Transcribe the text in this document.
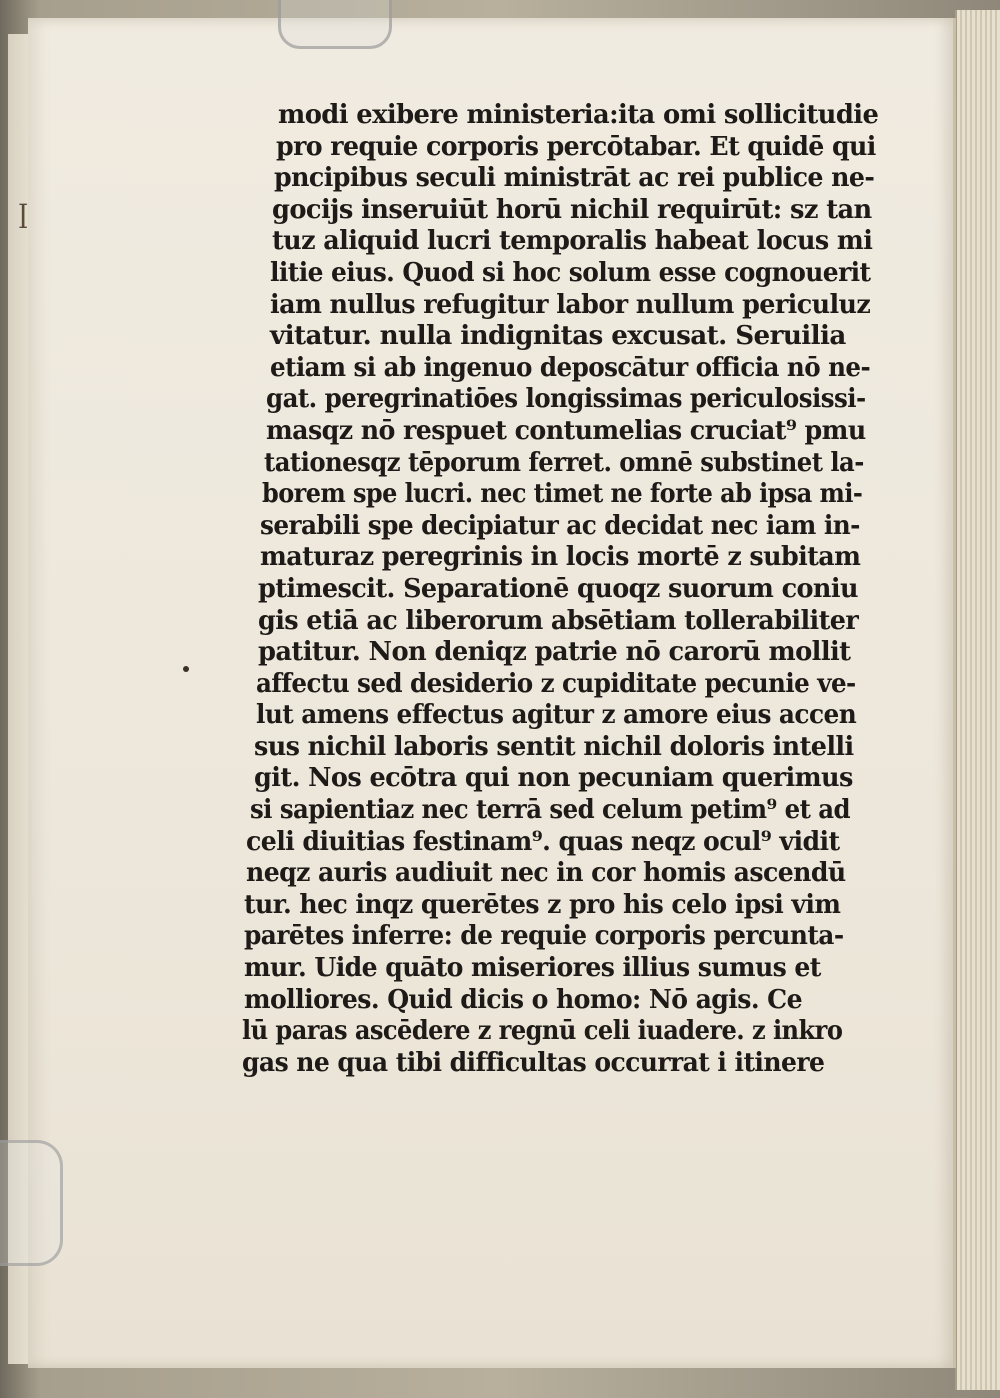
ꟾ
modi exibere ministeria:ita omi sollicitudie
pro requie corporis percōtabar. Et quidē qui
pncipibus seculi ministrāt ac rei publice ne-
gocijs inseruiūt horū nichil requirūt: sz tan
tuz aliquid lucri temporalis habeat locus mi
litie eius. Quod si hoc solum esse cognouerit
iam nullus refugitur labor nullum periculuz
vitatur. nulla indignitas excusat. Seruilia
etiam si ab ingenuo deposcātur officia nō ne-
gat. peregrinatiōes longissimas periculosissi-
masqz nō respuet contumelias cruciat⁹ pmu
tationesqz tēporum ferret. omnē substinet la-
borem spe lucri. nec timet ne forte ab ipsa mi-
serabili spe decipiatur ac decidat nec iam in-
maturaz peregrinis in locis mortē z subitam
ptimescit. Separationē quoqz suorum coniu
gis etiā ac liberorum absētiam tollerabiliter
patitur. Non deniqz patrie nō carorū mollit
affectu sed desiderio z cupiditate pecunie ve-
lut amens effectus agitur z amore eius accen
sus nichil laboris sentit nichil doloris intelli
git. Nos ecōtra qui non pecuniam querimus
si sapientiaz nec terrā sed celum petim⁹ et ad
celi diuitias festinam⁹. quas neqz ocul⁹ vidit
neqz auris audiuit nec in cor homis ascendū
tur. hec inqz querētes z pro his celo ipsi vim
parētes inferre: de requie corporis percunta-
mur. Uide quāto miseriores illius sumus et
molliores. Quid dicis o homo: Nō agis. Ce
lū paras ascēdere z regnū celi iuadere. z inkro
gas ne qua tibi difficultas occurrat i itinere
